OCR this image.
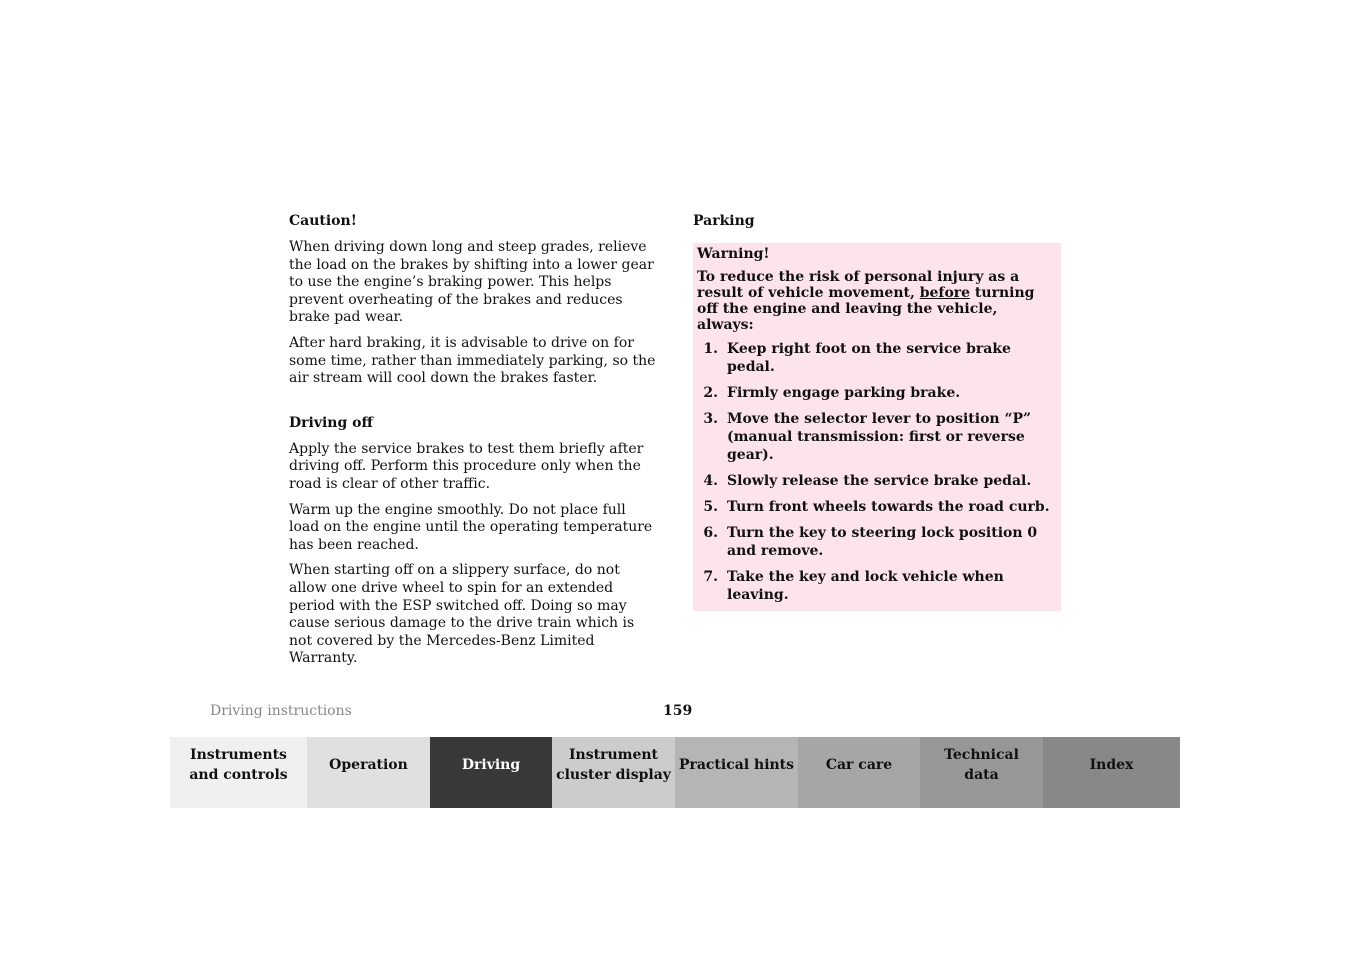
Caution!

When driving down long and steep grades, relieve the load on the brakes by shifting into a lower gear to use the engine’s braking power. This helps prevent overheating of the brakes and reduces brake pad wear.

After hard braking, it is advisable to drive on for some time, rather than immediately parking, so the air stream will cool down the brakes faster.

Driving off

Apply the service brakes to test them briefly after driving off. Perform this procedure only when the road is clear of other traffic.

Warm up the engine smoothly. Do not place full load on the engine until the operating temperature has been reached.

When starting off on a slippery surface, do not allow one drive wheel to spin for an extended period with the ESP switched off. Doing so may cause serious damage to the drive train which is not covered by the Mercedes-Benz Limited Warranty.

Parking
Warning!

To reduce the risk of personal injury as a result of vehicle movement, before turning off the engine and leaving the vehicle, always:

1. Keep right foot on the service brake pedal.
2. Firmly engage parking brake.
3. Move the selector lever to position “P” (manual transmission: first or reverse gear).
4. Slowly release the service brake pedal.
5. Turn front wheels towards the road curb.
6. Turn the key to steering lock position 0 and remove.
7. Take the key and lock vehicle when leaving.
Driving instructions	159
Instruments
and controls
Operation	Driving
Instrument
cluster display
Practical hints	Car care
Technical
data
Index
